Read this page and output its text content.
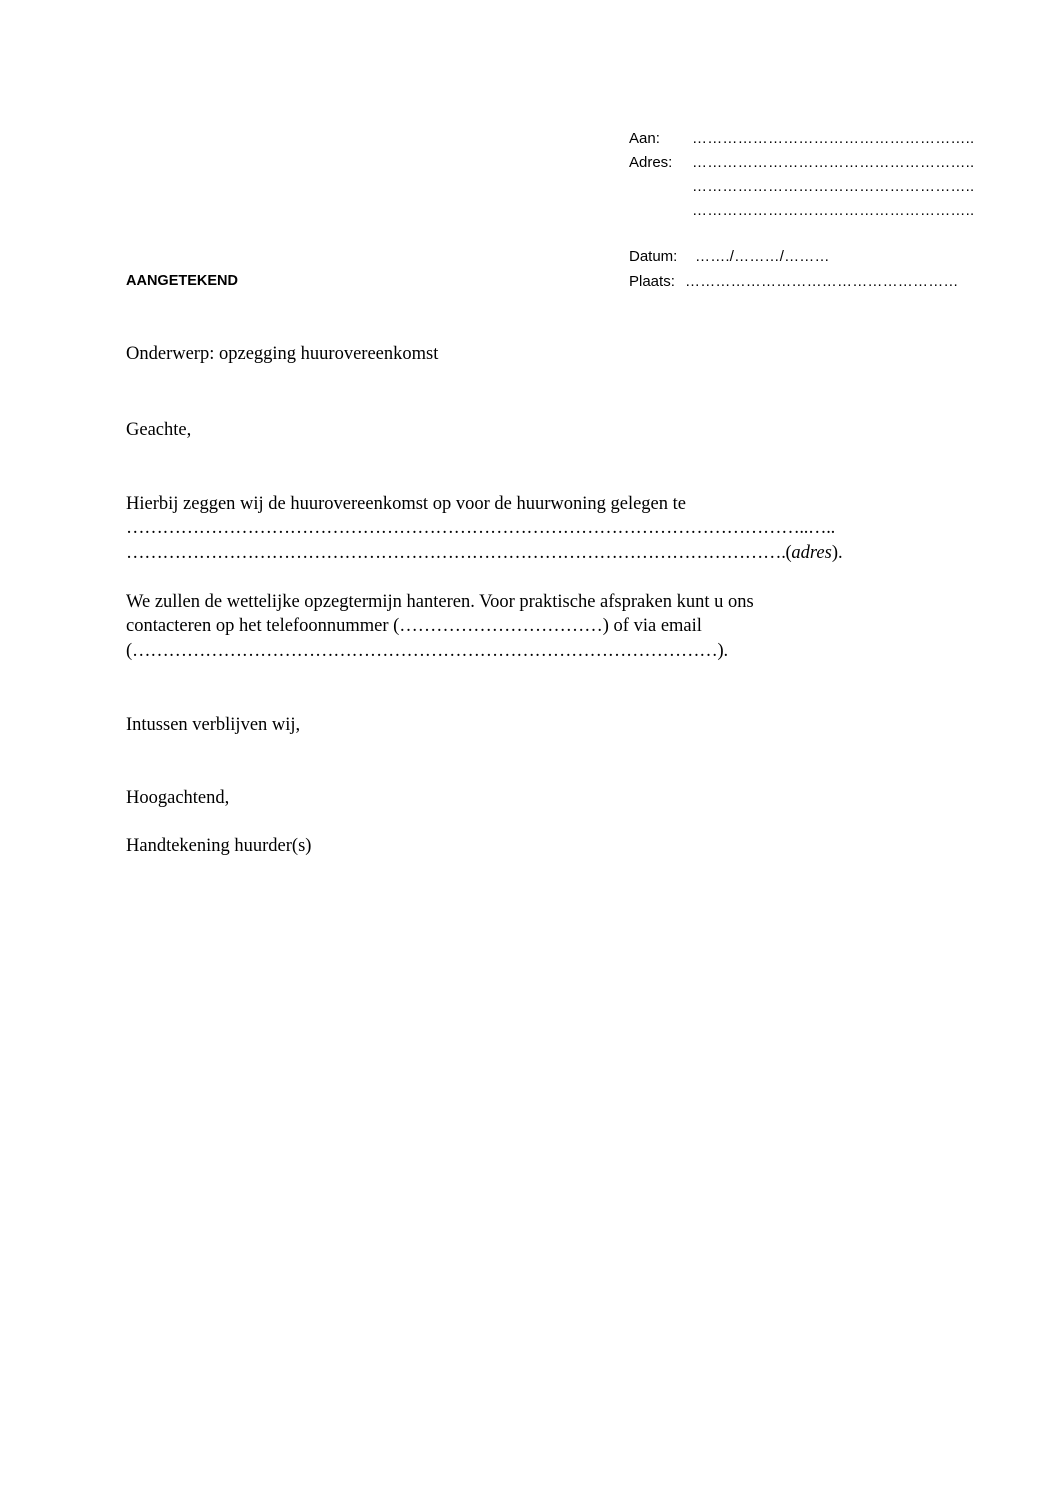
Aan: ………………………………………………..
Adres: ………………………………………………..
………………………………………………..
………………………………………………..
Datum: ……./………/………
AANGETEKEND	Plaats: ………………………………………………
Onderwerp: opzegging huurovereenkomst
Geachte,
Hierbij zeggen wij de huurovereenkomst op voor de huurwoning gelegen te
…………………………………………………………………………………………………..…..
……………………………………………………………………………………………….(adres).
We zullen de wettelijke opzegtermijn hanteren. Voor praktische afspraken kunt u ons
contacteren op het telefoonnummer (……………………………) of via email
(……………………………………………………………………………………).
Intussen verblijven wij,
Hoogachtend,
Handtekening huurder(s)
